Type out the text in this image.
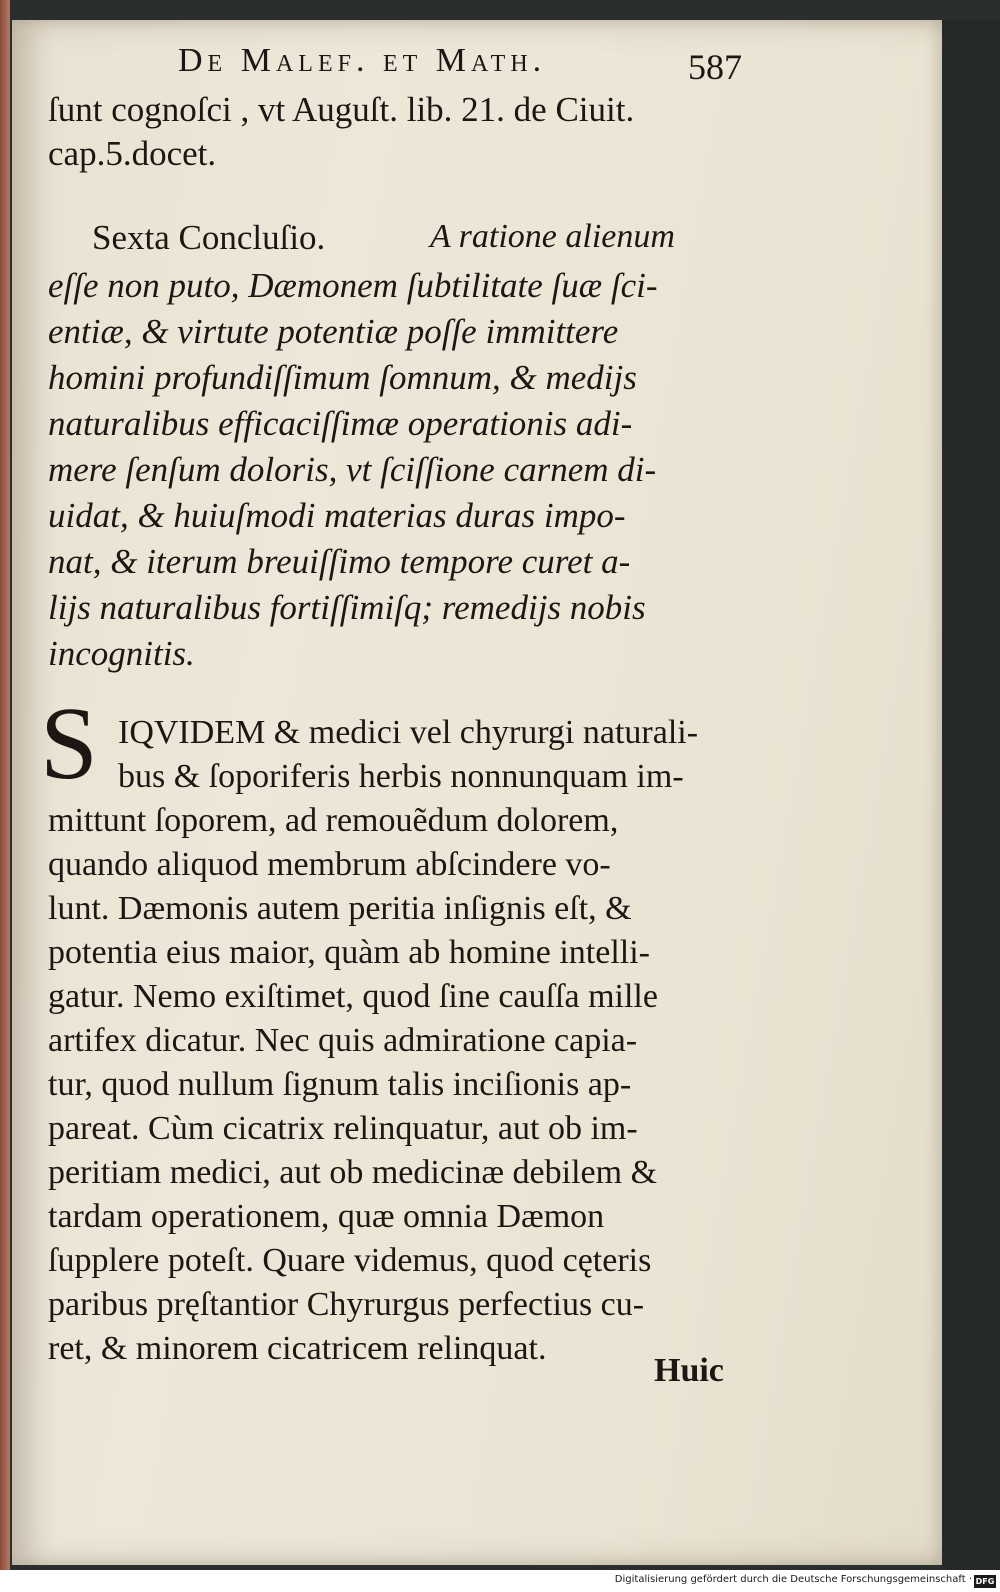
De Malef. et Math.	587
ſunt cognoſci , vt Auguſt. lib. 21. de Ciuit.
cap.5.docet.
Sexta Concluſio.	A ratione alienum
eſſe non puto, Dæmonem ſubtilitate ſuæ ſci-
entiæ, & virtute potentiæ poſſe immittere
homini profundiſſimum ſomnum, & medijs
naturalibus efficaciſſimæ operationis adi-
mere ſenſum doloris, vt ſciſſione carnem di-
uidat, & huiuſmodi materias duras impo-
nat, & iterum breuiſſimo tempore curet a-
lijs naturalibus fortiſſimiſq; remedijs nobis
incognitis.
S IQVIDEM & medici vel chyrurgi naturali-
bus & ſoporiferis herbis nonnunquam im-
mittunt ſoporem, ad remouẽdum dolorem,
quando aliquod membrum abſcindere vo-
lunt. Dæmonis autem peritia inſignis eſt, &
potentia eius maior, quàm ab homine intelli-
gatur. Nemo exiſtimet, quod ſine cauſſa mille
artifex dicatur. Nec quis admiratione capia-
tur, quod nullum ſignum talis inciſionis ap-
pareat. Cùm cicatrix relinquatur, aut ob im-
peritiam medici, aut ob medicinæ debilem &
tardam operationem, quæ omnia Dæmon
ſupplere poteſt. Quare videmus, quod cęteris
paribus pręſtantior Chyrurgus perfectius cu-
ret, & minorem cicatricem relinquat.
Huic
Digitalisierung gefördert durch die Deutsche Forschungsgemeinschaft · DFG
